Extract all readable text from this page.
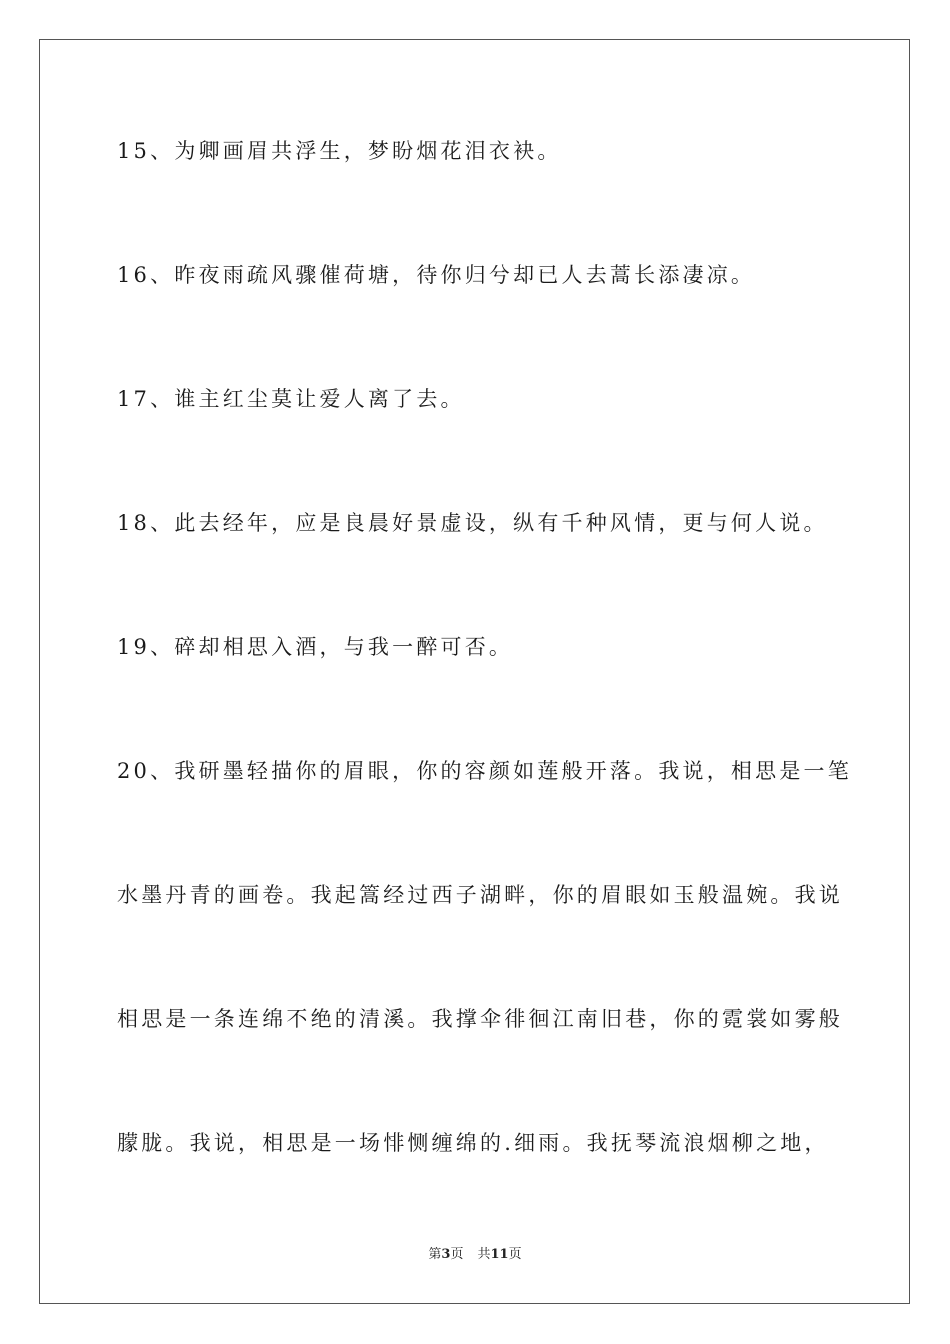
15、为卿画眉共浮生，梦盼烟花泪衣袂。
16、昨夜雨疏风骤催荷塘，待你归兮却已人去蒿长添凄凉。
17、谁主红尘莫让爱人离了去。
18、此去经年，应是良晨好景虚设，纵有千种风情，更与何人说。
19、碎却相思入酒，与我一醉可否。
20、我研墨轻描你的眉眼，你的容颜如莲般开落。我说，相思是一笔
水墨丹青的画卷。我起篙经过西子湖畔，你的眉眼如玉般温婉。我说
相思是一条连绵不绝的清溪。我撑伞徘徊江南旧巷，你的霓裳如雾般
朦胧。我说，相思是一场悱恻缠绵的.细雨。我抚琴流浪烟柳之地，
第3页 共11页
